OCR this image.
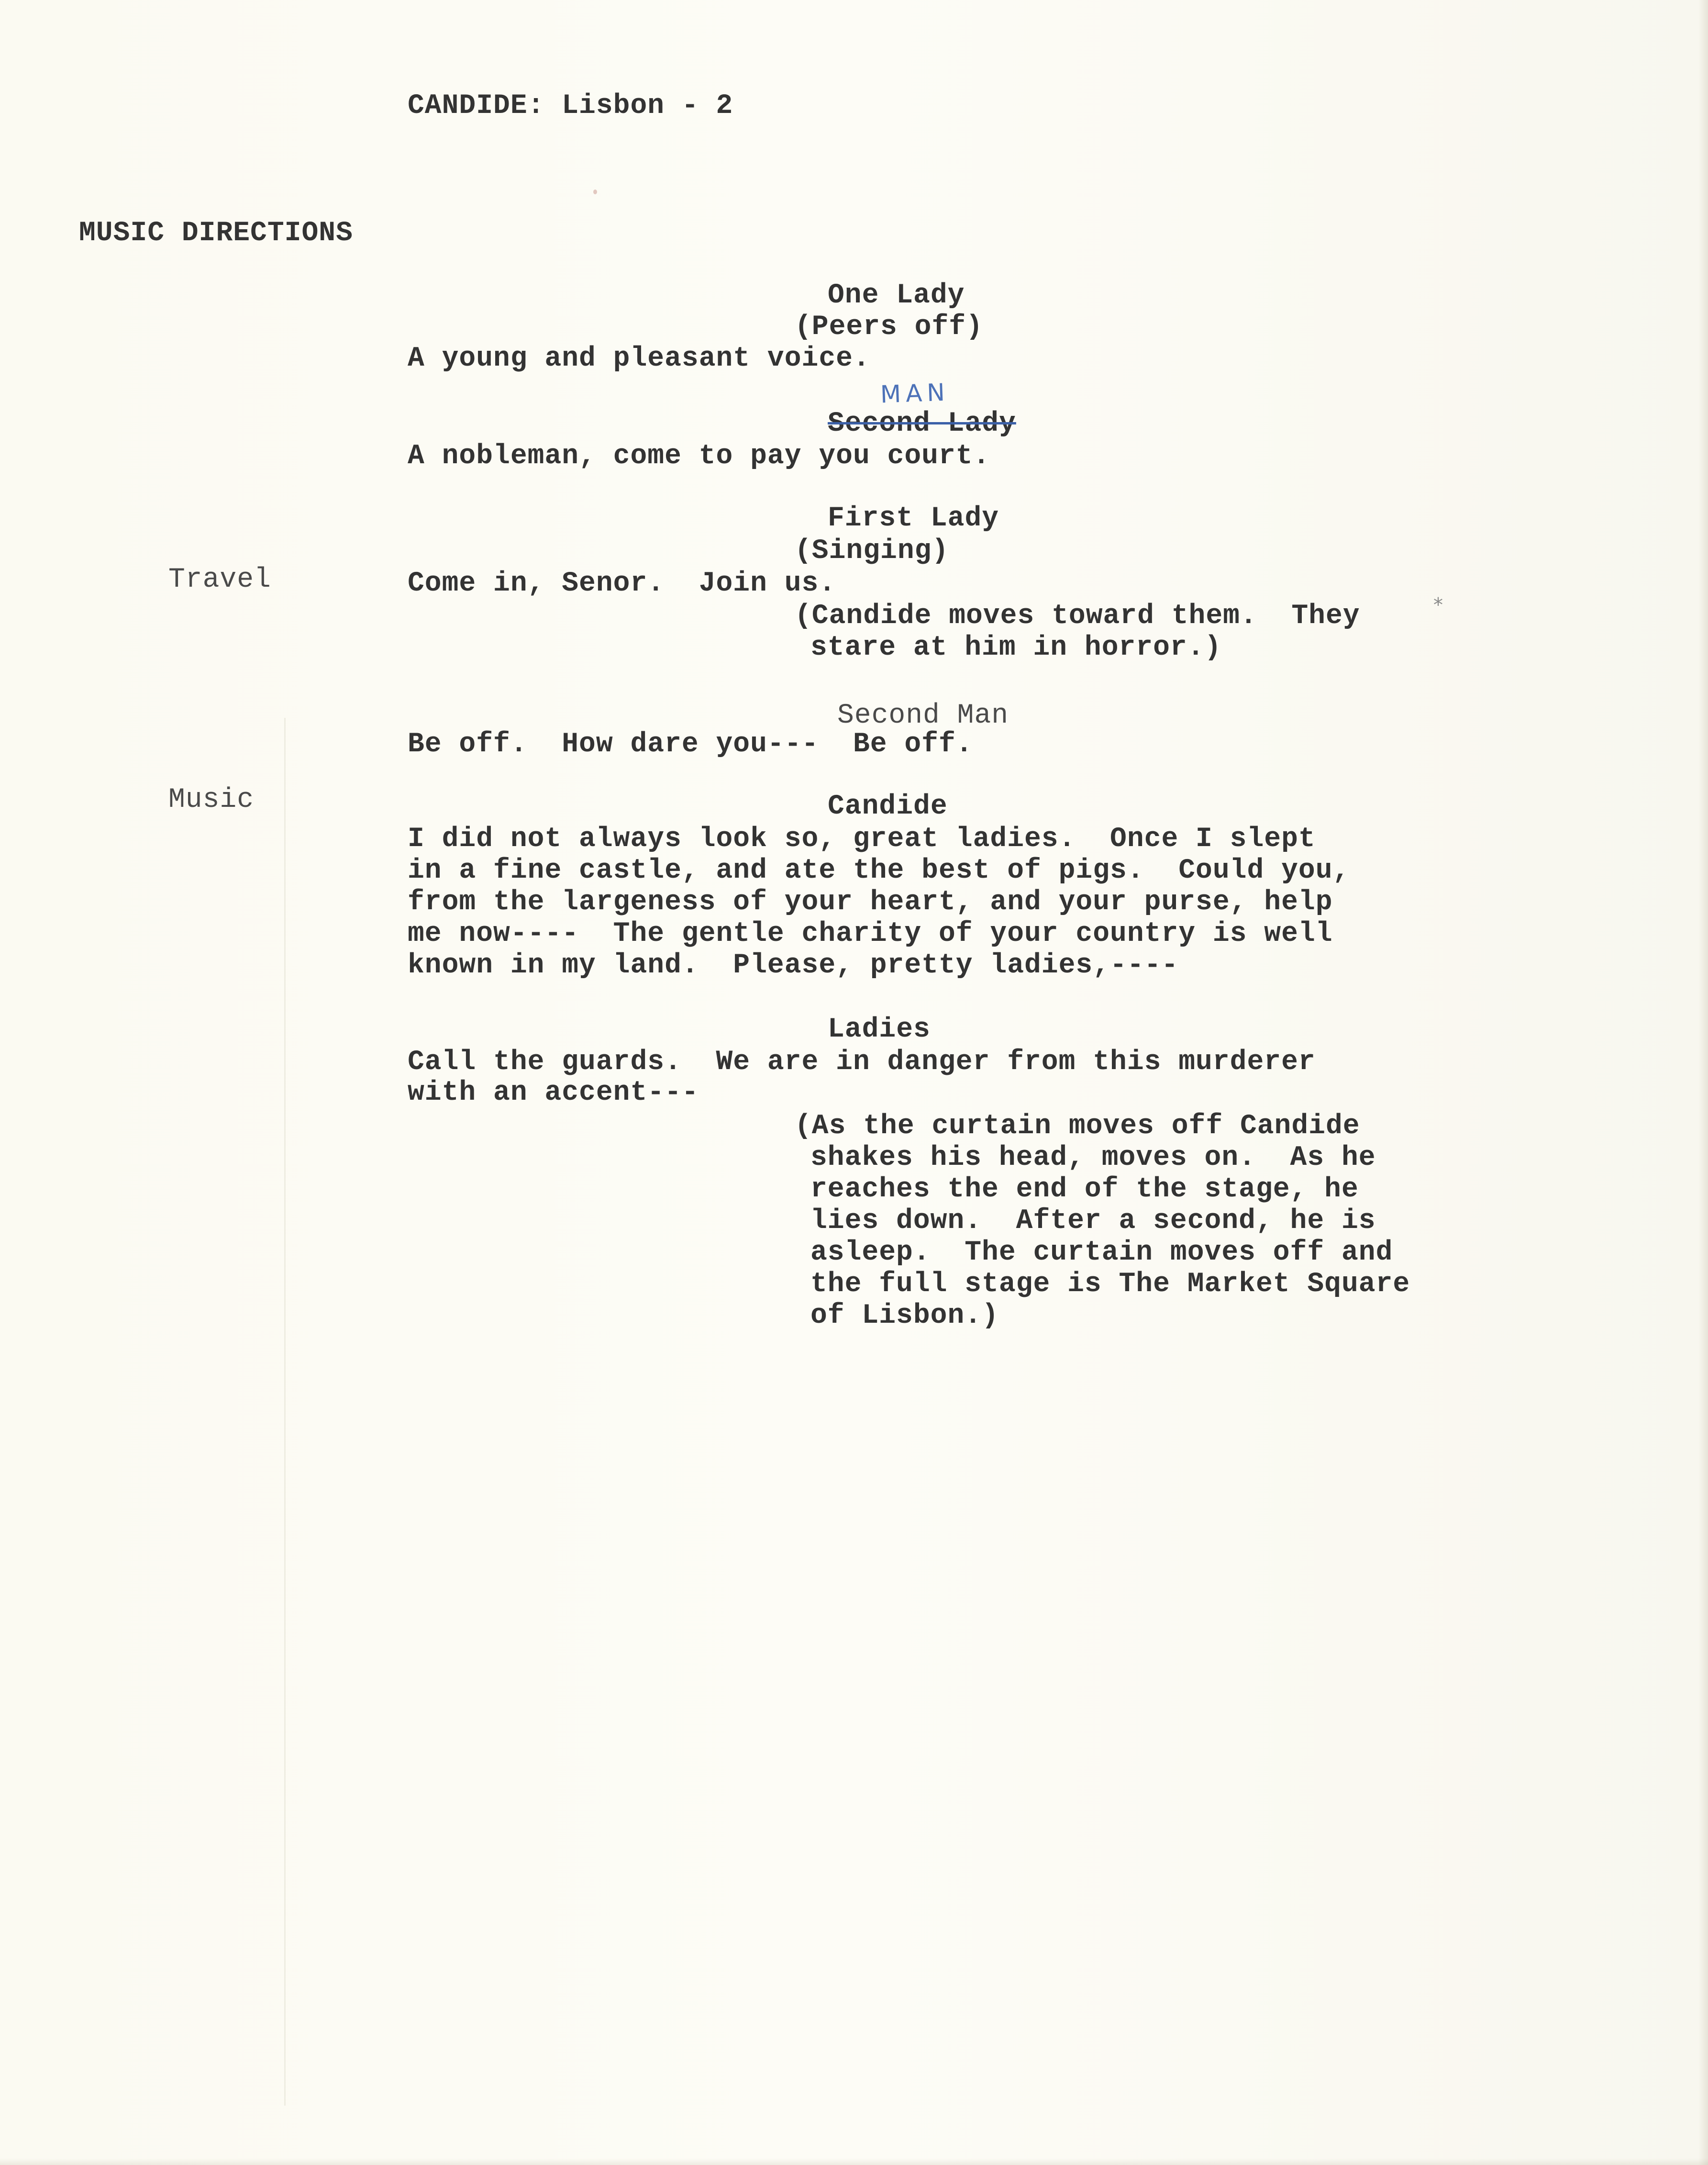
CANDIDE: Lisbon - 2

MUSIC DIRECTIONS

One Lady

(Peers off)

A young and pleasant voice.

MAN

Second Lady

A nobleman, come to pay you court.

First Lady

(Singing)

Travel	Come in, Senor.  Join us.

(Candide moves toward them.  They

stare at him in horror.)

⁎

Second Man

Be off.  How dare you---  Be off.

Music	Candide

I did not always look so, great ladies.  Once I slept

in a fine castle, and ate the best of pigs.  Could you,

from the largeness of your heart, and your purse, help

me now----  The gentle charity of your country is well

known in my land.  Please, pretty ladies,----

Ladies

Call the guards.  We are in danger from this murderer

with an accent---

(As the curtain moves off Candide

shakes his head, moves on.  As he

reaches the end of the stage, he

lies down.  After a second, he is

asleep.  The curtain moves off and

the full stage is The Market Square

of Lisbon.)
